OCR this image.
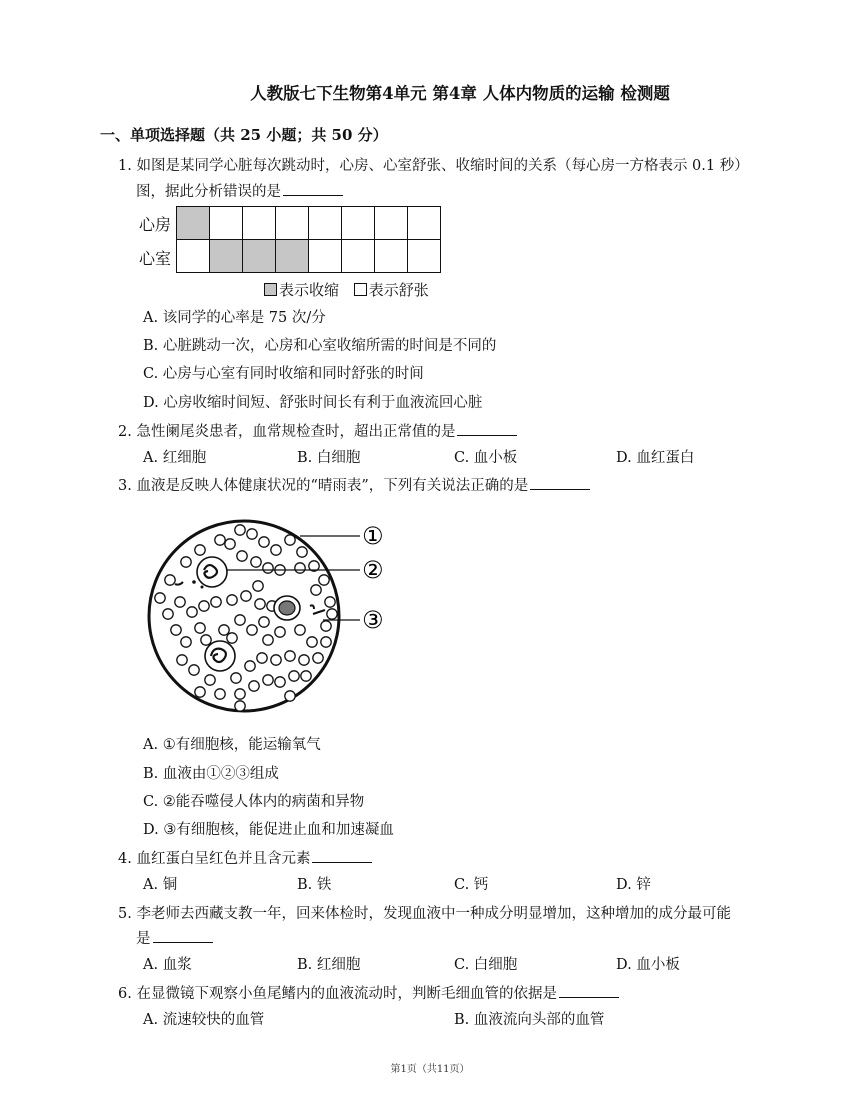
人教版七下生物第4单元 第4章 人体内物质的运输 检测题
一、单项选择题（共 25 小题；共 50 分）
1. 如图是某同学心脏每次跳动时，心房、心室舒张、收缩时间的关系（每心房一方格表示 0.1 秒）
图，据此分析错误的是
心房
心室
表示收缩 表示舒张
A. 该同学的心率是 75 次/分
B. 心脏跳动一次，心房和心室收缩所需的时间是不同的
C. 心房与心室有同时收缩和同时舒张的时间
D. 心房收缩时间短、舒张时间长有利于血液流回心脏
2. 急性阑尾炎患者，血常规检查时，超出正常值的是
A. 红细胞	B. 白细胞	C. 血小板	D. 血红蛋白
3. 血液是反映人体健康状况的“晴雨表”，下列有关说法正确的是
①
②
③
A. ①有细胞核，能运输氧气
B. 血液由①②③组成
C. ②能吞噬侵人体内的病菌和异物
D. ③有细胞核，能促进止血和加速凝血
4. 血红蛋白呈红色并且含元素
A. 铜	B. 铁	C. 钙	D. 锌
5. 李老师去西藏支教一年，回来体检时，发现血液中一种成分明显增加，这种增加的成分最可能
是
A. 血浆	B. 红细胞	C. 白细胞	D. 血小板
6. 在显微镜下观察小鱼尾鳍内的血液流动时，判断毛细血管的依据是
A. 流速较快的血管	B. 血液流向头部的血管
第1页（共11页）
